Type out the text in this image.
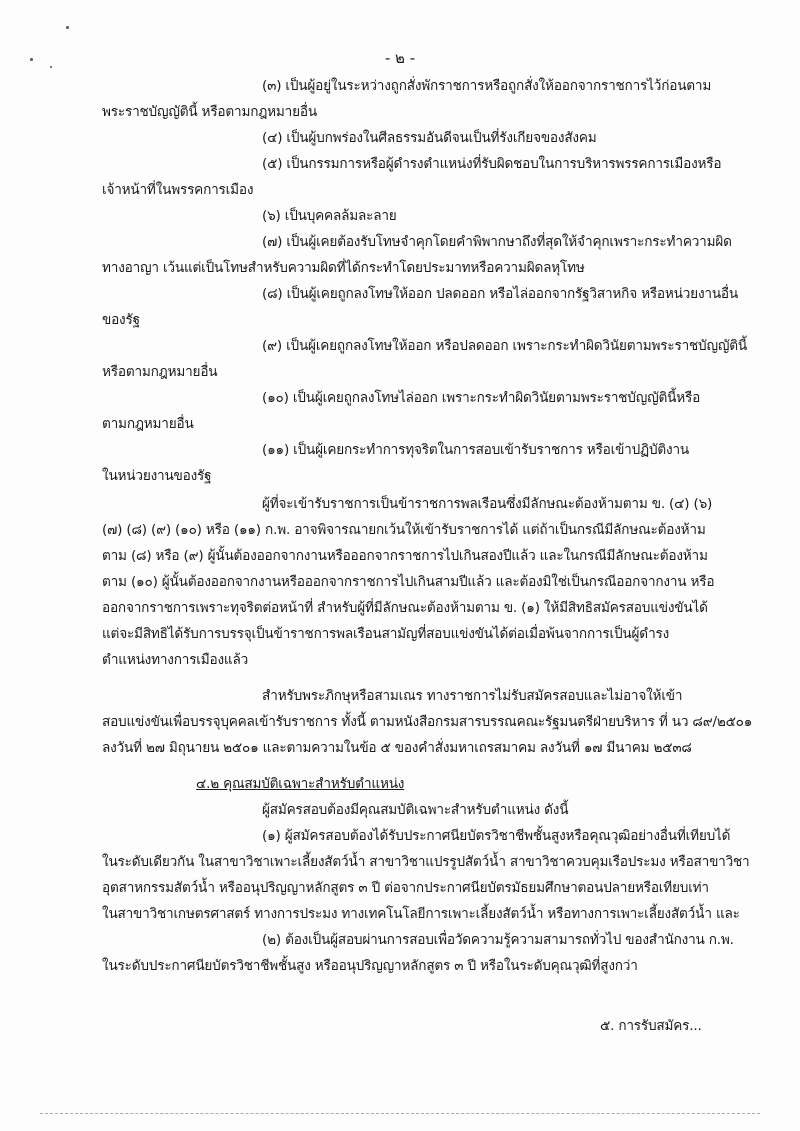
- ๒ -
(๓) เป็นผู้อยู่ในระหว่างถูกสั่งพักราชการหรือถูกสั่งให้ออกจากราชการไว้ก่อนตาม
พระราชบัญญัตินี้ หรือตามกฎหมายอื่น
(๔) เป็นผู้บกพร่องในศีลธรรมอันดีจนเป็นที่รังเกียจของสังคม
(๕) เป็นกรรมการหรือผู้ดำรงตำแหน่งที่รับผิดชอบในการบริหารพรรคการเมืองหรือ
เจ้าหน้าที่ในพรรคการเมือง
(๖) เป็นบุคคลล้มละลาย
(๗) เป็นผู้เคยต้องรับโทษจำคุกโดยคำพิพากษาถึงที่สุดให้จำคุกเพราะกระทำความผิด
ทางอาญา เว้นแต่เป็นโทษสำหรับความผิดที่ได้กระทำโดยประมาทหรือความผิดลหุโทษ
(๘) เป็นผู้เคยถูกลงโทษให้ออก ปลดออก หรือไล่ออกจากรัฐวิสาหกิจ หรือหน่วยงานอื่น
ของรัฐ
(๙) เป็นผู้เคยถูกลงโทษให้ออก หรือปลดออก เพราะกระทำผิดวินัยตามพระราชบัญญัตินี้
หรือตามกฎหมายอื่น
(๑๐) เป็นผู้เคยถูกลงโทษไล่ออก เพราะกระทำผิดวินัยตามพระราชบัญญัตินี้หรือ
ตามกฎหมายอื่น
(๑๑) เป็นผู้เคยกระทำการทุจริตในการสอบเข้ารับราชการ หรือเข้าปฏิบัติงาน
ในหน่วยงานของรัฐ
ผู้ที่จะเข้ารับราชการเป็นข้าราชการพลเรือนซึ่งมีลักษณะต้องห้ามตาม ข. (๔) (๖)
(๗) (๘) (๙) (๑๐) หรือ (๑๑) ก.พ. อาจพิจารณายกเว้นให้เข้ารับราชการได้ แต่ถ้าเป็นกรณีมีลักษณะต้องห้าม
ตาม (๘) หรือ (๙) ผู้นั้นต้องออกจากงานหรือออกจากราชการไปเกินสองปีแล้ว และในกรณีมีลักษณะต้องห้าม
ตาม (๑๐) ผู้นั้นต้องออกจากงานหรือออกจากราชการไปเกินสามปีแล้ว และต้องมิใช่เป็นกรณีออกจากงาน หรือ
ออกจากราชการเพราะทุจริตต่อหน้าที่ สำหรับผู้ที่มีลักษณะต้องห้ามตาม ข. (๑) ให้มีสิทธิสมัครสอบแข่งขันได้
แต่จะมีสิทธิได้รับการบรรจุเป็นข้าราชการพลเรือนสามัญที่สอบแข่งขันได้ต่อเมื่อพ้นจากการเป็นผู้ดำรง
ตำแหน่งทางการเมืองแล้ว
สำหรับพระภิกษุหรือสามเณร ทางราชการไม่รับสมัครสอบและไม่อาจให้เข้า
สอบแข่งขันเพื่อบรรจุบุคคลเข้ารับราชการ ทั้งนี้ ตามหนังสือกรมสารบรรณคณะรัฐมนตรีฝ่ายบริหาร ที่ นว ๘๙/๒๕๐๑
ลงวันที่ ๒๗ มิถุนายน ๒๕๐๑ และตามความในข้อ ๕ ของคำสั่งมหาเถรสมาคม ลงวันที่ ๑๗ มีนาคม ๒๕๓๘
๔.๒ คุณสมบัติเฉพาะสำหรับตำแหน่ง
ผู้สมัครสอบต้องมีคุณสมบัติเฉพาะสำหรับตำแหน่ง ดังนี้
(๑) ผู้สมัครสอบต้องได้รับประกาศนียบัตรวิชาชีพชั้นสูงหรือคุณวุฒิอย่างอื่นที่เทียบได้
ในระดับเดียวกัน ในสาขาวิชาเพาะเลี้ยงสัตว์น้ำ สาขาวิชาแปรรูปสัตว์น้ำ สาขาวิชาควบคุมเรือประมง หรือสาขาวิชา
อุตสาหกรรมสัตว์น้ำ หรืออนุปริญญาหลักสูตร ๓ ปี ต่อจากประกาศนียบัตรมัธยมศึกษาตอนปลายหรือเทียบเท่า
ในสาขาวิชาเกษตรศาสตร์ ทางการประมง ทางเทคโนโลยีการเพาะเลี้ยงสัตว์น้ำ หรือทางการเพาะเลี้ยงสัตว์น้ำ และ
(๒) ต้องเป็นผู้สอบผ่านการสอบเพื่อวัดความรู้ความสามารถทั่วไป ของสำนักงาน ก.พ.
ในระดับประกาศนียบัตรวิชาชีพชั้นสูง หรืออนุปริญญาหลักสูตร ๓ ปี หรือในระดับคุณวุฒิที่สูงกว่า
๕. การรับสมัคร...
